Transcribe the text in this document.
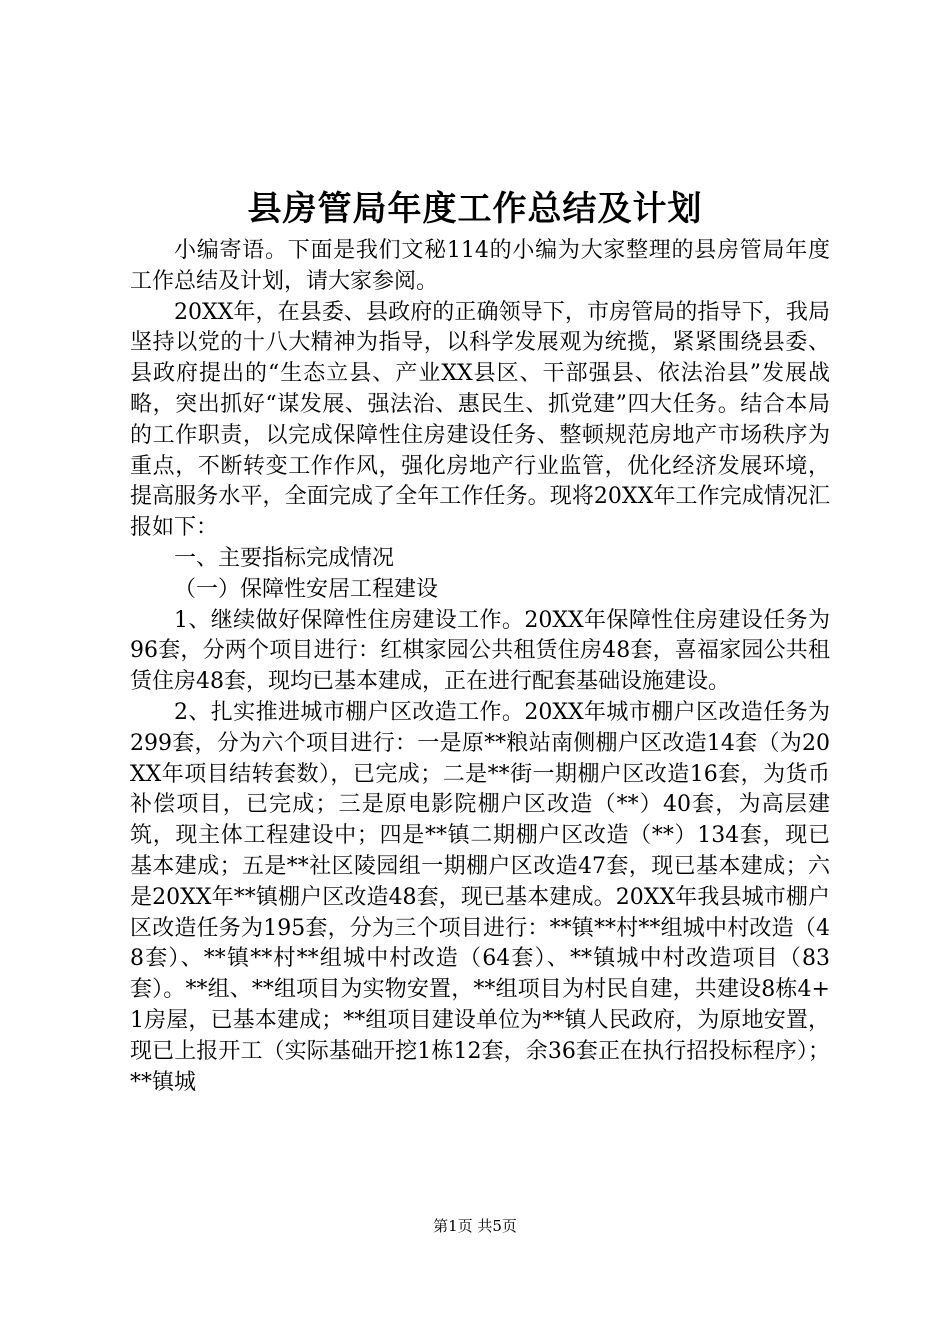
县房管局年度工作总结及计划

小编寄语。下面是我们文秘114的小编为大家整理的县房管局年度工作总结及计划，请大家参阅。

20XX年，在县委、县政府的正确领导下，市房管局的指导下，我局坚持以党的十八大精神为指导，以科学发展观为统揽，紧紧围绕县委、县政府提出的“生态立县、产业XX县区、干部强县、依法治县”发展战略，突出抓好“谋发展、强法治、惠民生、抓党建”四大任务。结合本局的工作职责，以完成保障性住房建设任务、整顿规范房地产市场秩序为重点，不断转变工作作风，强化房地产行业监管，优化经济发展环境，提高服务水平，全面完成了全年工作任务。现将20XX年工作完成情况汇报如下：

一、主要指标完成情况

（一）保障性安居工程建设

1、继续做好保障性住房建设工作。20XX年保障性住房建设任务为96套，分两个项目进行：红棋家园公共租赁住房48套，喜福家园公共租赁住房48套，现均已基本建成，正在进行配套基础设施建设。

2、扎实推进城市棚户区改造工作。20XX年城市棚户区改造任务为299套，分为六个项目进行：一是原**粮站南侧棚户区改造14套（为20XX年项目结转套数），已完成；二是**街一期棚户区改造16套，为货币补偿项目，已完成；三是原电影院棚户区改造（**）40套，为高层建筑，现主体工程建设中；四是**镇二期棚户区改造（**）134套，现已基本建成；五是**社区陵园组一期棚户区改造47套，现已基本建成；六是20XX年**镇棚户区改造48套，现已基本建成。20XX年我县城市棚户区改造任务为195套，分为三个项目进行：**镇**村**组城中村改造（48套）、**镇**村**组城中村改造（64套）、**镇城中村改造项目（83套）。**组、**组项目为实物安置，**组项目为村民自建，共建设8栋4+1房屋，已基本建成；**组项目建设单位为**镇人民政府，为原地安置，现已上报开工（实际基础开挖1栋12套，余36套正在执行招投标程序）；**镇城

第1页 共5页
